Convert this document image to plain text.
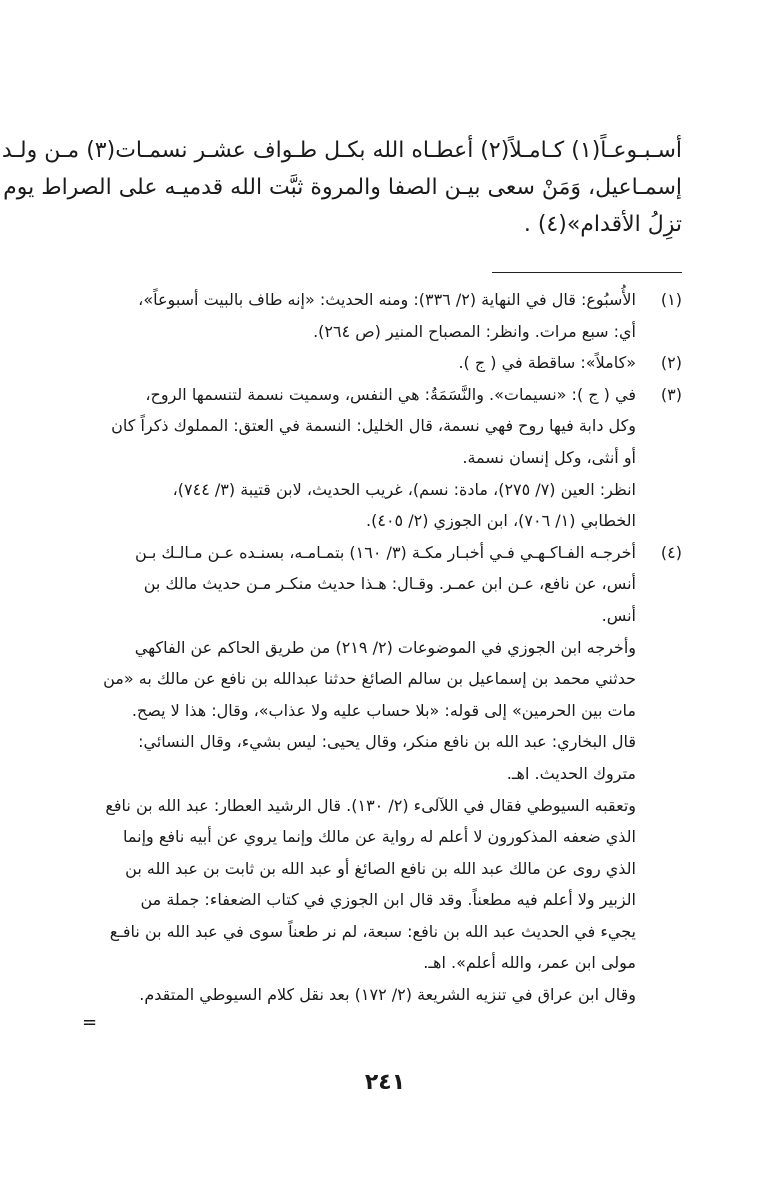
أسـبـوعـاً(١) كـامـلاً(٢) أعطـاه الله بكـل طـواف عشـر نسمـات(٣) مـن ولـد
إسمـاعيل، وَمَنْ سعى بيـن الصفا والمروة ثبَّت الله قدميـه على الصراط يوم
تزِلُ الأقدام»(٤) .
(١)الأُسبُوع: قال في النهاية (٢/ ٣٣٦): ومنه الحديث: «إنه طاف بالبيت أسبوعاً»،
أي: سبع مرات. وانظر: المصباح المنير (ص ٢٦٤).
(٢)«كاملاً»: ساقطة في ( ج ).
(٣)في ( ج ): «نسيمات». والنَّسَمَةُ: هي النفس، وسميت نسمة لتنسمها الروح،
وكل دابة فيها روح فهي نسمة، قال الخليل: النسمة في العتق: المملوك ذكراً كان
أو أنثى، وكل إنسان نسمة.
انظر: العين (٧/ ٢٧٥)، مادة: نسم)، غريب الحديث، لابن قتيبة (٣/ ٧٤٤)،
الخطابي (١/ ٧٠٦)، ابن الجوزي (٢/ ٤٠٥).
(٤)أخرجـه الفـاكـهـي فـي أخبـار مكـة (٣/ ١٦٠) بتمـامـه، بسنـده عـن مـالـك بـن
أنس، عن نافع، عـن ابن عمـر. وقـال: هـذا حديث منكـر مـن حديث مالك بن
أنس.
وأخرجه ابن الجوزي في الموضوعات (٢/ ٢١٩) من طريق الحاكم عن الفاكهي
حدثني محمد بن إسماعيل بن سالم الصائغ حدثنا عبدالله بن نافع عن مالك به «من
مات بين الحرمين» إلى قوله: «بلا حساب عليه ولا عذاب»، وقال: هذا لا يصح.
قال البخاري: عبد الله بن نافع منكر، وقال يحيى: ليس بشيء، وقال النسائي:
متروك الحديث. اهـ.
وتعقبه السيوطي فقال في اللآلىء (٢/ ١٣٠). قال الرشيد العطار: عبد الله بن نافع
الذي ضعفه المذكورون لا أعلم له رواية عن مالك وإنما يروي عن أبيه نافع وإنما
الذي روى عن مالك عبد الله بن نافع الصائغ أو عبد الله بن ثابت بن عبد الله بن
الزبير ولا أعلم فيه مطعناً. وقد قال ابن الجوزي في كتاب الضعفاء: جملة من
يجيء في الحديث عبد الله بن نافع: سبعة، لم نر طعناً سوى في عبد الله بن نافـع
مولى ابن عمر، والله أعلم». اهـ.
وقال ابن عراق في تنزيه الشريعة (٢/ ١٧٢) بعد نقل كلام السيوطي المتقدم.
=
٢٤١
